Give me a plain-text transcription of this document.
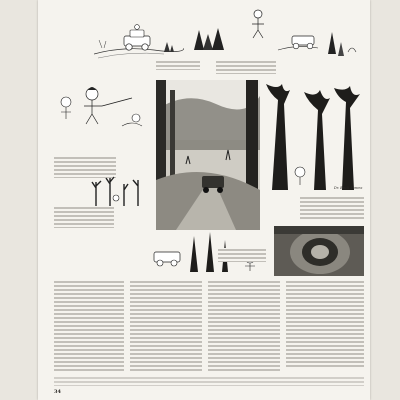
Dr. Erich Lorenz
34
